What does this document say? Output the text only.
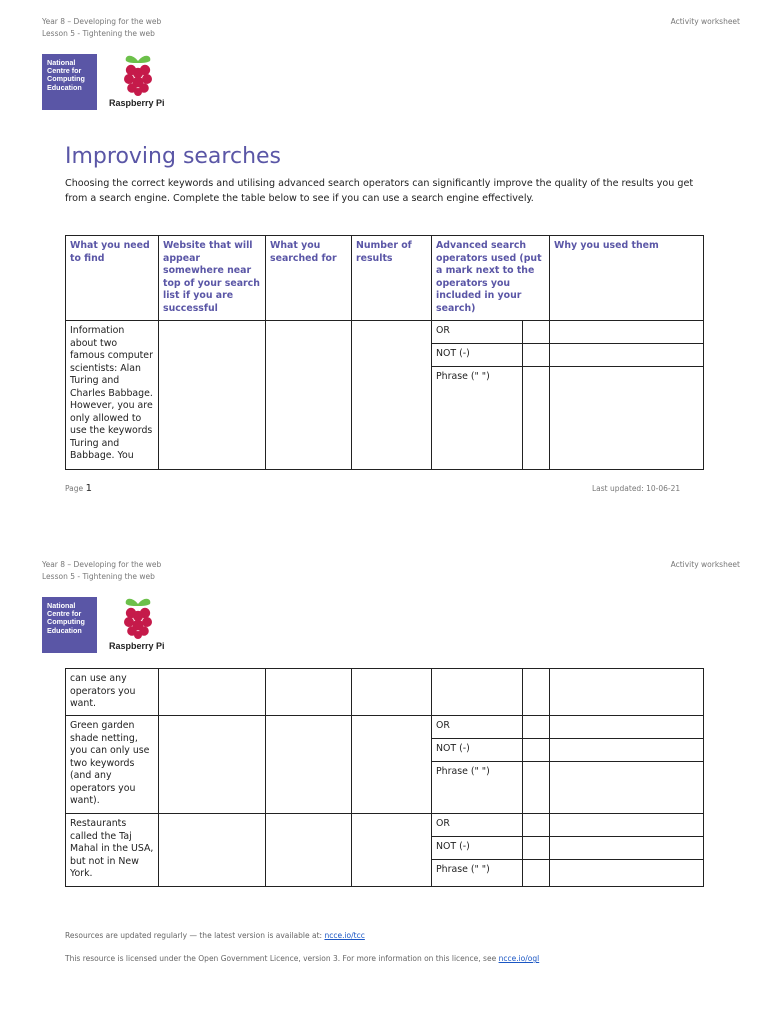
Year 8 – Developing for the web
Lesson 5 - Tightening the web
Activity worksheet
National
Centre for
Computing
Education
Raspberry Pi
Improving searches
Choosing the correct keywords and utilising advanced search operators can significantly improve the quality of the results you get from a search engine. Complete the table below to see if you can use a search engine effectively.
What you need to find	Website that will appear somewhere near top of your search list if you are successful	What you searched for	Number of results	Advanced search operators used (put a mark next to the operators you included in your search)		Why you used them
Information about two famous computer scientists: Alan Turing and Charles Babbage. However, you are only allowed to use the keywords Turing and Babbage. You				OR		
				NOT (-)		
				Phrase (" ")		
Page 1	Last updated: 10-06-21
Year 8 – Developing for the web
Lesson 5 - Tightening the web
Activity worksheet
National
Centre for
Computing
Education
Raspberry Pi
can use any operators you want.						
Green garden shade netting, you can only use two keywords (and any operators you want).				OR		
				NOT (-)		
				Phrase (" ")		
Restaurants called the Taj Mahal in the USA, but not in New York.				OR		
				NOT (-)		
				Phrase (" ")		
Resources are updated regularly — the latest version is available at: ncce.io/tcc
This resource is licensed under the Open Government Licence, version 3. For more information on this licence, see ncce.io/ogl
